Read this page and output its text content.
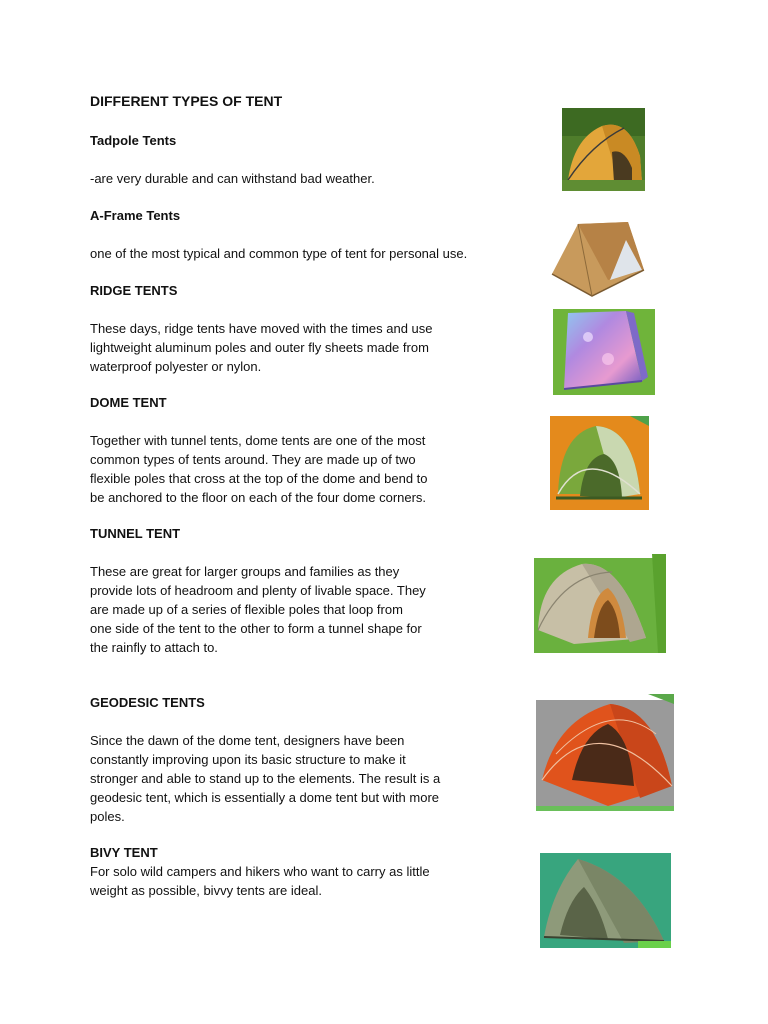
DIFFERENT TYPES OF TENT
Tadpole Tents

-are very durable and can withstand bad weather.

A-Frame Tents

one of the most typical and common type of tent for personal use.

RIDGE TENTS

These days, ridge tents have moved with the times and use
lightweight aluminum poles and outer fly sheets made from
waterproof polyester or nylon.

DOME TENT

Together with tunnel tents, dome tents are one of the most
common types of tents around. They are made up of two
flexible poles that cross at the top of the dome and bend to
be anchored to the floor on each of the four dome corners.

TUNNEL TENT

These are great for larger groups and families as they
provide lots of headroom and plenty of livable space. They
are made up of a series of flexible poles that loop from
one side of the tent to the other to form a tunnel shape for
the rainfly to attach to.

GEODESIC TENTS

Since the dawn of the dome tent, designers have been
constantly improving upon its basic structure to make it
stronger and able to stand up to the elements. The result is a
geodesic tent, which is essentially a dome tent but with more
poles.

BIVY TENT

For solo wild campers and hikers who want to carry as little
weight as possible, bivvy tents are ideal.
